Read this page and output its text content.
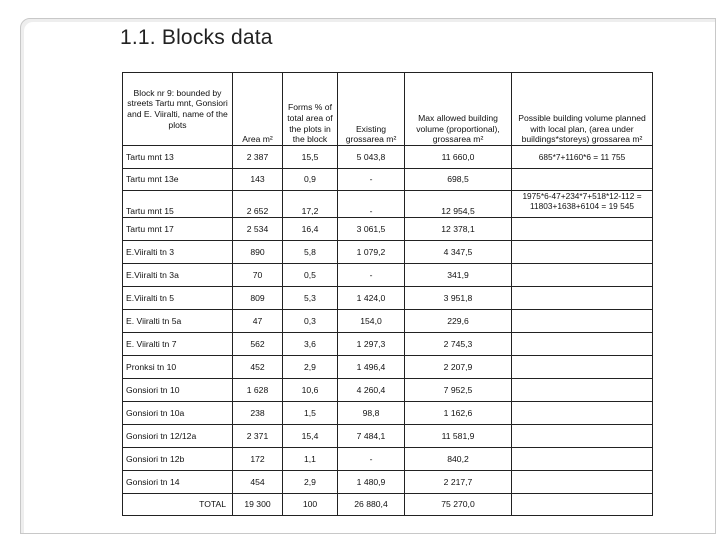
1.1. Blocks data
Block nr 9: bounded by streets Tartu mnt, Gonsiori and E. Viiralti, name of the plots	Area m²	Forms % of total area of the plots in the block	Existing grossarea m²	Max allowed building volume (proportional), grossarea m²	Possible building volume planned with local plan, (area under buildings*storeys) grossarea m²
Tartu mnt 13	2 387	15,5	5 043,8	11 660,0	685*7+1160*6 = 11 755
Tartu mnt 13e	143	0,9	-	698,5	
Tartu mnt 15	2 652	17,2	-	12 954,5	1975*6-47+234*7+518*12-112 = 11803+1638+6104 = 19 545
Tartu mnt 17	2 534	16,4	3 061,5	12 378,1	
E.Viiralti tn 3	890	5,8	1 079,2	4 347,5	
E.Viiralti tn 3a	70	0,5	-	341,9	
E.Viiralti tn 5	809	5,3	1 424,0	3 951,8	
E. Viiralti tn 5a	47	0,3	154,0	229,6	
E. Viiralti tn 7	562	3,6	1 297,3	2 745,3	
Pronksi tn 10	452	2,9	1 496,4	2 207,9	
Gonsiori tn 10	1 628	10,6	4 260,4	7 952,5	
Gonsiori tn 10a	238	1,5	98,8	1 162,6	
Gonsiori tn 12/12a	2 371	15,4	7 484,1	11 581,9	
Gonsiori tn 12b	172	1,1	-	840,2	
Gonsiori tn 14	454	2,9	1 480,9	2 217,7	
TOTAL	19 300	100	26 880,4	75 270,0	
